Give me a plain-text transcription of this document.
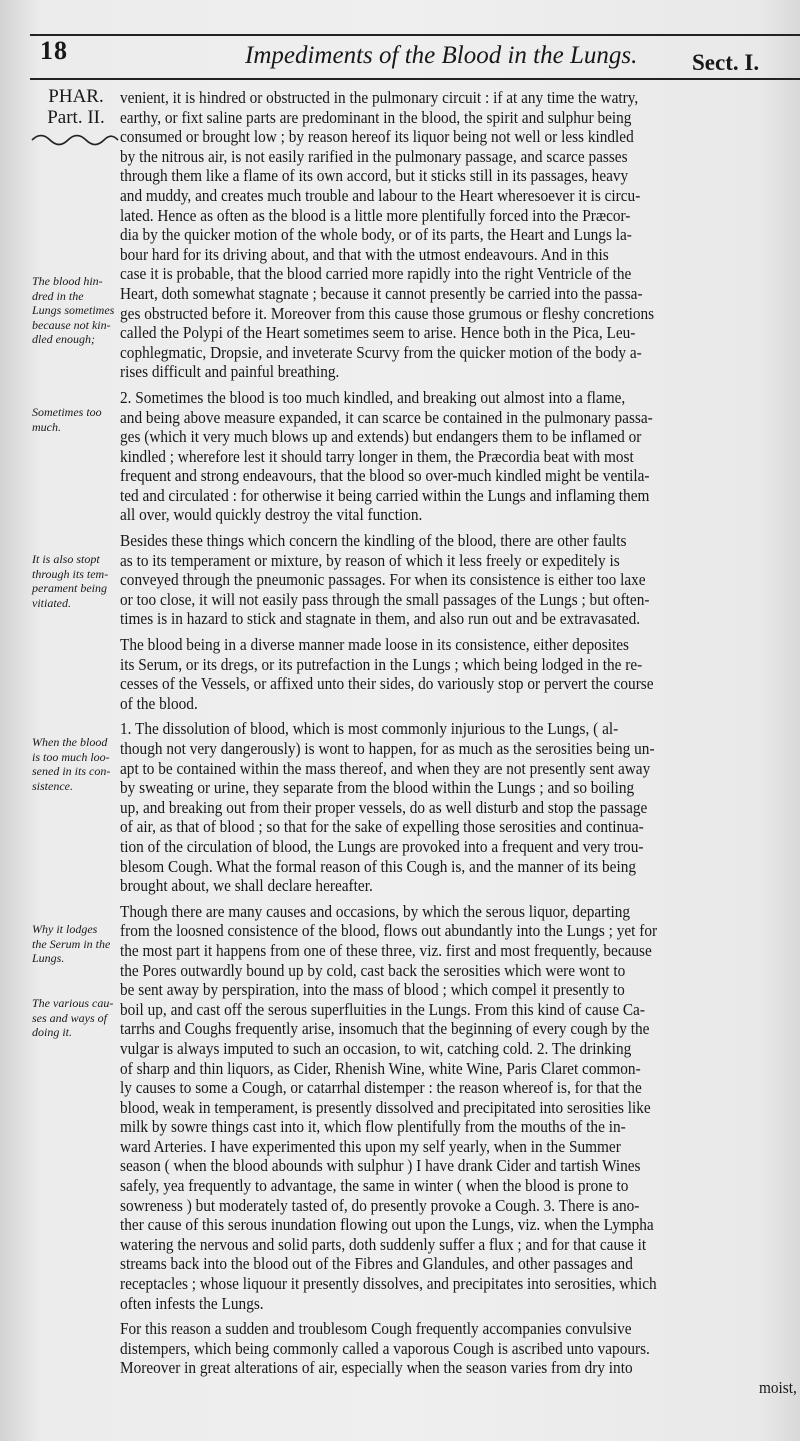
18	Impediments of the Blood in the Lungs. Sect. I.
PHAR.
Part. II.
The blood hin-
dred in the
Lungs sometimes
because not kin-
dled enough;
Sometimes too
much.
It is also stopt
through its tem-
perament being
vitiated.
When the blood
is too much loo-
sened in its con-
sistence.
Why it lodges
the Serum in the
Lungs.
The various cau-
ses and ways of
doing it.
venient, it is hindred or obstructed in the pulmonary circuit : if at any time the watry,
earthy, or fixt saline parts are predominant in the blood, the spirit and sulphur being
consumed or brought low ; by reason hereof its liquor being not well or less kindled
by the nitrous air, is not easily rarified in the pulmonary passage, and scarce passes
through them like a flame of its own accord, but it sticks still in its passages, heavy
and muddy, and creates much trouble and labour to the Heart wheresoever it is circu-
lated. Hence as often as the blood is a little more plentifully forced into the Præcor-
dia by the quicker motion of the whole body, or of its parts, the Heart and Lungs la-
bour hard for its driving about, and that with the utmost endeavours. And in this
case it is probable, that the blood carried more rapidly into the right Ventricle of the
Heart, doth somewhat stagnate ; because it cannot presently be carried into the passa-
ges obstructed before it. Moreover from this cause those grumous or fleshy concretions
called the Polypi of the Heart sometimes seem to arise. Hence both in the Pica, Leu-
cophlegmatic, Dropsie, and inveterate Scurvy from the quicker motion of the body a-
rises difficult and painful breathing.
2. Sometimes the blood is too much kindled, and breaking out almost into a flame,
and being above measure expanded, it can scarce be contained in the pulmonary passa-
ges (which it very much blows up and extends) but endangers them to be inflamed or
kindled ; wherefore lest it should tarry longer in them, the Præcordia beat with most
frequent and strong endeavours, that the blood so over-much kindled might be ventila-
ted and circulated : for otherwise it being carried within the Lungs and inflaming them
all over, would quickly destroy the vital function.
Besides these things which concern the kindling of the blood, there are other faults
as to its temperament or mixture, by reason of which it less freely or expeditely is
conveyed through the pneumonic passages. For when its consistence is either too laxe
or too close, it will not easily pass through the small passages of the Lungs ; but often-
times is in hazard to stick and stagnate in them, and also run out and be extravasated.
The blood being in a diverse manner made loose in its consistence, either deposites
its Serum, or its dregs, or its putrefaction in the Lungs ; which being lodged in the re-
cesses of the Vessels, or affixed unto their sides, do variously stop or pervert the course
of the blood.
1. The dissolution of blood, which is most commonly injurious to the Lungs, ( al-
though not very dangerously) is wont to happen, for as much as the serosities being un-
apt to be contained within the mass thereof, and when they are not presently sent away
by sweating or urine, they separate from the blood within the Lungs ; and so boiling
up, and breaking out from their proper vessels, do as well disturb and stop the passage
of air, as that of blood ; so that for the sake of expelling those serosities and continua-
tion of the circulation of blood, the Lungs are provoked into a frequent and very trou-
blesom Cough. What the formal reason of this Cough is, and the manner of its being
brought about, we shall declare hereafter.
Though there are many causes and occasions, by which the serous liquor, departing
from the loosned consistence of the blood, flows out abundantly into the Lungs ; yet for
the most part it happens from one of these three, viz. first and most frequently, because
the Pores outwardly bound up by cold, cast back the serosities which were wont to
be sent away by perspiration, into the mass of blood ; which compel it presently to
boil up, and cast off the serous superfluities in the Lungs. From this kind of cause Ca-
tarrhs and Coughs frequently arise, insomuch that the beginning of every cough by the
vulgar is always imputed to such an occasion, to wit, catching cold. 2. The drinking
of sharp and thin liquors, as Cider, Rhenish Wine, white Wine, Paris Claret common-
ly causes to some a Cough, or catarrhal distemper : the reason whereof is, for that the
blood, weak in temperament, is presently dissolved and precipitated into serosities like
milk by sowre things cast into it, which flow plentifully from the mouths of the in-
ward Arteries. I have experimented this upon my self yearly, when in the Summer
season ( when the blood abounds with sulphur ) I have drank Cider and tartish Wines
safely, yea frequently to advantage, the same in winter ( when the blood is prone to
sowreness ) but moderately tasted of, do presently provoke a Cough. 3. There is ano-
ther cause of this serous inundation flowing out upon the Lungs, viz. when the Lympha
watering the nervous and solid parts, doth suddenly suffer a flux ; and for that cause it
streams back into the blood out of the Fibres and Glandules, and other passages and
receptacles ; whose liquour it presently dissolves, and precipitates into serosities, which
often infests the Lungs.
For this reason a sudden and troublesom Cough frequently accompanies convulsive
distempers, which being commonly called a vaporous Cough is ascribed unto vapours.
Moreover in great alterations of air, especially when the season varies from dry into
moist,
